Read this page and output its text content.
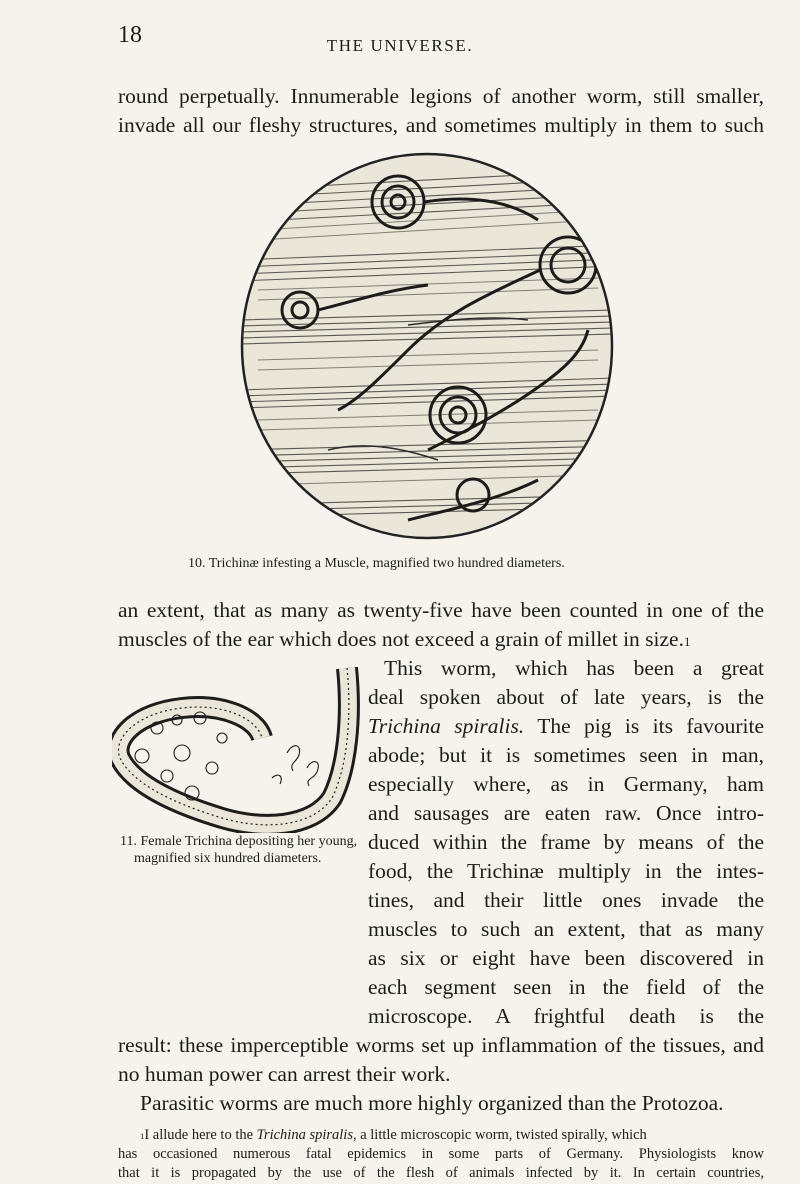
18	THE UNIVERSE.
round perpetually. Innumerable legions of another worm, still smaller,
invade all our fleshy structures, and sometimes multiply in them to such
10. Trichinæ infesting a Muscle, magnified two hundred diameters.
an extent, that as many as twenty-five have been counted in one of the
muscles of the ear which does not exceed a grain of millet in size.$^1$
11. Female Trichina depositing her young,
magnified six hundred diameters.
This worm, which has been a great
deal spoken about of late years, is the
Trichina spiralis. The pig is its favourite
abode; but it is sometimes seen in man,
especially where, as in Germany, ham
and sausages are eaten raw. Once intro-
duced within the frame by means of the
food, the Trichinæ multiply in the intes-
tines, and their little ones invade the
muscles to such an extent, that as many
as six or eight have been discovered in
each segment seen in the field of the
microscope. A frightful death is the
result: these imperceptible worms set up inflammation of the tissues, and
no human power can arrest their work.
Parasitic worms are much more highly organized than the Protozoa.
$^1$I allude here to the Trichina spiralis, a little microscopic worm, twisted spirally, which
has occasioned numerous fatal epidemics in some parts of Germany. Physiologists know
that it is propagated by the use of the flesh of animals infected by it. In certain countries,
